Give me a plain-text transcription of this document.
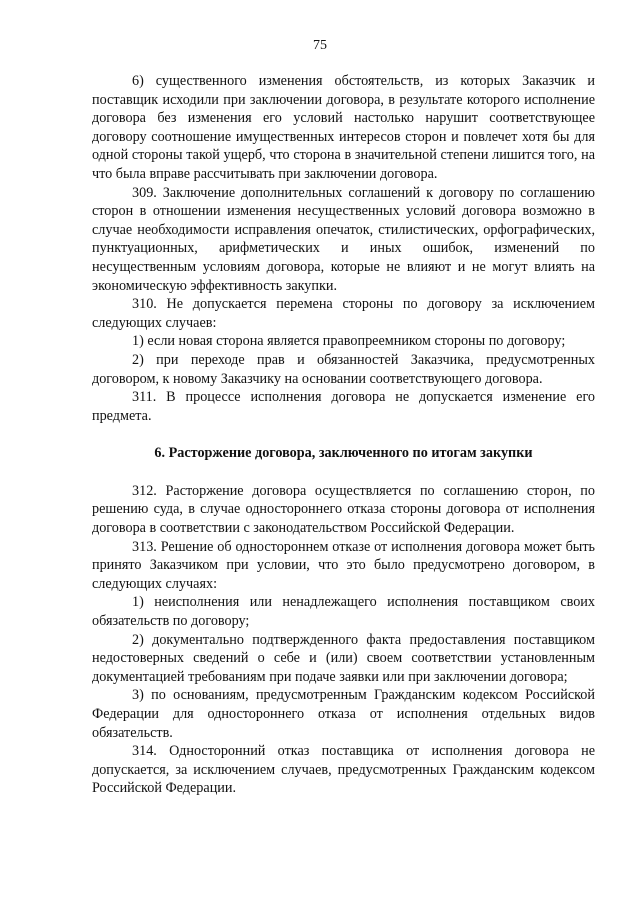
75

6) существенного изменения обстоятельств, из которых Заказчик и поставщик исходили при заключении договора, в результате которого исполнение договора без изменения его условий настолько нарушит соответствующее договору соотношение имущественных интересов сторон и повлечет хотя бы для одной стороны такой ущерб, что сторона в значительной степени лишится того, на что была вправе рассчитывать при заключении договора.

309. Заключение дополнительных соглашений к договору по соглашению сторон в отношении изменения несущественных условий договора возможно в случае необходимости исправления опечаток, стилистических, орфографических, пунктуационных, арифметических и иных ошибок, изменений по несущественным условиям договора, которые не влияют и не могут влиять на экономическую эффективность закупки.

310. Не допускается перемена стороны по договору за исключением следующих случаев:

1) если новая сторона является правопреемником стороны по договору;

2) при переходе прав и обязанностей Заказчика, предусмотренных договором, к новому Заказчику на основании соответствующего договора.

311. В процессе исполнения договора не допускается изменение его предмета.

6. Расторжение договора, заключенного по итогам закупки

312. Расторжение договора осуществляется по соглашению сторон, по решению суда, в случае одностороннего отказа стороны договора от исполнения договора в соответствии с законодательством Российской Федерации.

313. Решение об одностороннем отказе от исполнения договора может быть принято Заказчиком при условии, что это было предусмотрено договором, в следующих случаях:

1) неисполнения или ненадлежащего исполнения поставщиком своих обязательств по договору;

2) документально подтвержденного факта предоставления поставщиком недостоверных сведений о себе и (или) своем соответствии установленным документацией требованиям при подаче заявки или при заключении договора;

3) по основаниям, предусмотренным Гражданским кодексом Российской Федерации для одностороннего отказа от исполнения отдельных видов обязательств.

314. Односторонний отказ поставщика от исполнения договора не допускается, за исключением случаев, предусмотренных Гражданским кодексом Российской Федерации.
